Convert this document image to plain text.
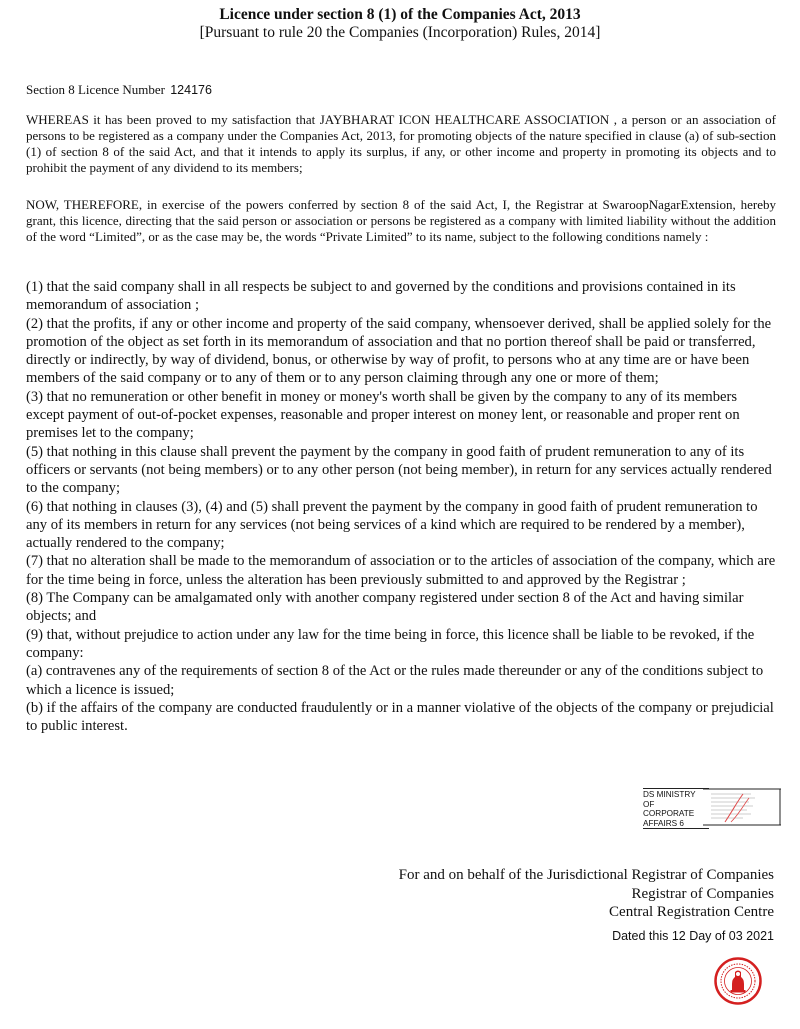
Licence under section 8 (1) of the Companies Act, 2013
[Pursuant to rule 20 the Companies (Incorporation) Rules, 2014]
Section 8 Licence Number 124176

WHEREAS it has been proved to my satisfaction that JAYBHARAT ICON HEALTHCARE ASSOCIATION , a person or an association of persons to be registered as a company under the Companies Act, 2013, for promoting objects of the nature specified in clause (a) of sub-section (1) of section 8 of the said Act, and that it intends to apply its surplus, if any, or other income and property in promoting its objects and to prohibit the payment of any dividend to its members;

NOW, THEREFORE, in exercise of the powers conferred by section 8 of the said Act, I, the Registrar at SwaroopNagarExtension, hereby grant, this licence, directing that the said person or association or persons be registered as a company with limited liability without the addition of the word “Limited”, or as the case may be, the words “Private Limited” to its name, subject to the following conditions namely :

(1) that the said company shall in all respects be subject to and governed by the conditions and provisions contained in its memorandum of association ;

(2) that the profits, if any or other income and property of the said company, whensoever derived, shall be applied solely for the promotion of the object as set forth in its memorandum of association and that no portion thereof shall be paid or transferred, directly or indirectly, by way of dividend, bonus, or otherwise by way of profit, to persons who at any time are or have been members of the said company or to any of them or to any person claiming through any one or more of them;

(3) that no remuneration or other benefit in money or money's worth shall be given by the company to any of its members except payment of out-of-pocket expenses, reasonable and proper interest on money lent, or reasonable and proper rent on premises let to the company;

(5) that nothing in this clause shall prevent the payment by the company in good faith of prudent remuneration to any of its officers or servants (not being members) or to any other person (not being member), in return for any services actually rendered to the company;

(6) that nothing in clauses (3), (4) and (5) shall prevent the payment by the company in good faith of prudent remuneration to any of its members in return for any services (not being services of a kind which are required to be rendered by a member), actually rendered to the company;

(7) that no alteration shall be made to the memorandum of association or to the articles of association of the company, which are for the time being in force, unless the alteration has been previously submitted to and approved by the Registrar ;

(8) The Company can be amalgamated only with another company registered under section 8 of the Act and having similar objects; and

(9) that, without prejudice to action under any law for the time being in force, this licence shall be liable to be revoked, if the company:

(a) contravenes any of the requirements of section 8 of the Act or the rules made thereunder or any of the conditions subject to which a licence is issued;

(b) if the affairs of the company are conducted fraudulently or in a manner violative of the objects of the company or prejudicial to public interest.

DS MINISTRY OF
CORPORATE
AFFAIRS 6
For and on behalf of the Jurisdictional Registrar of Companies
Registrar of Companies
Central Registration Centre
Dated this 12 Day of 03 2021
